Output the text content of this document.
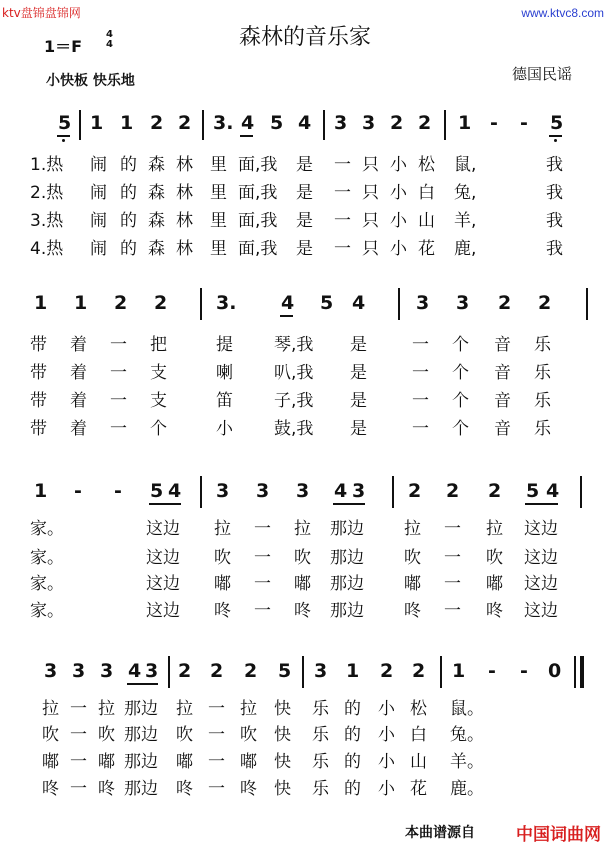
ktv盘锦盘锦网	www.ktvc8.com
森林的音乐家
1＝F
4
4
小快板 快乐地	德国民谣
5 1 1 2 2 3. 4 5 4 3 3 2 2 1 - - 5
1.热 闹 的 森 林 里 面,我 是 一 只 小 松 鼠,	我
2.热 闹 的 森 林 里 面,我 是 一 只 小 白 兔,	我
3.热 闹 的 森 林 里 面,我 是 一 只 小 山 羊,	我
4.热 闹 的 森 林 里 面,我 是 一 只 小 花 鹿,	我
1 1 2 2	3. 4 5 4	3 3 2 2
带 着 一 把	提 琴,我 是	一 个 音 乐
带 着 一 支	喇 叭,我 是	一 个 音 乐
带 着 一 支	笛 子,我 是	一 个 音 乐
带 着 一 个	小 鼓,我 是	一 个 音 乐
1 - - 5 4 3 3 3 4 3 2 2 2 5 4
家。	这边 拉 一 拉 那边 拉 一 拉 这边
家。	这边 吹 一 吹 那边 吹 一 吹 这边
家。	这边 嘟 一 嘟 那边 嘟 一 嘟 这边
家。	这边 咚 一 咚 那边 咚 一 咚 这边
3 3 3 4 3 2 2 2 5 3 1 2 2 1 - - 0
拉 一 拉 那边 拉 一 拉 快 乐 的 小 松 鼠。
吹 一 吹 那边 吹 一 吹 快 乐 的 小 白 兔。
嘟 一 嘟 那边 嘟 一 嘟 快 乐 的 小 山 羊。
咚 一 咚 那边 咚 一 咚 快 乐 的 小 花 鹿。
本曲谱源自 中国词曲网
